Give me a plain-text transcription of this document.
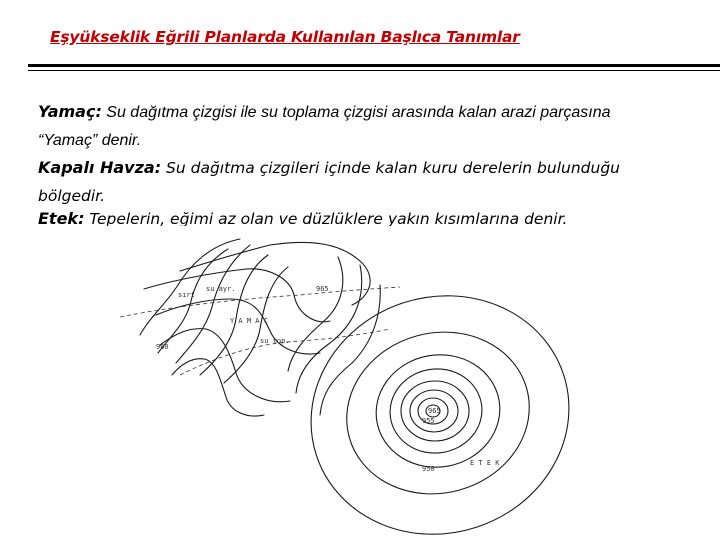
Eşyükseklik Eğrili Planlarda Kullanılan Başlıca Tanımlar
Yamaç: Su dağıtma çizgisi ile su toplama çizgisi arasında kalan arazi parçasına
“Yamaç” denir.
Kapalı Havza: Su dağıtma çizgileri içinde kalan kuru derelerin bulunduğu
bölgedir.
Etek: Tepelerin, eğimi az olan ve düzlüklere yakın kısımlarına denir.
sırt
su ayr.	965
Y A M A Ç
960
su top.
950
E T E K
955
965
